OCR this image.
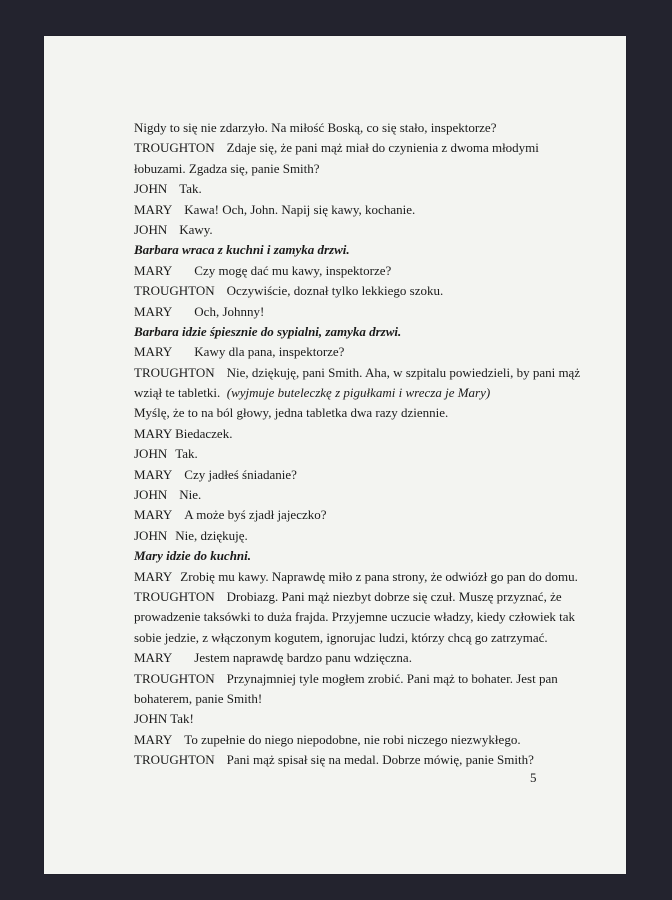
Nigdy to się nie zdarzyło. Na miłość Boską, co się stało, inspektorze?
TROUGHTON Zdaje się, że pani mąż miał do czynienia z dwoma młodymi
łobuzami. Zgadza się, panie Smith?
JOHN Tak.
MARY Kawa! Och, John. Napij się kawy, kochanie.
JOHN Kawy.
Barbara wraca z kuchni i zamyka drzwi.
MARY Czy mogę dać mu kawy, inspektorze?
TROUGHTON Oczywiście, doznał tylko lekkiego szoku.
MARY Och, Johnny!
Barbara idzie śpiesznie do sypialni, zamyka drzwi.
MARY Kawy dla pana, inspektorze?
TROUGHTON Nie, dziękuję, pani Smith. Aha, w szpitalu powiedzieli, by pani mąż
wziął te tabletki. (wyjmuje buteleczkę z pigułkami i wrecza je Mary)
Myślę, że to na ból głowy, jedna tabletka dwa razy dziennie.
MARY Biedaczek.
JOHN Tak.
MARY Czy jadłeś śniadanie?
JOHN Nie.
MARY A może byś zjadł jajeczko?
JOHN Nie, dziękuję.
Mary idzie do kuchni.
MARY Zrobię mu kawy. Naprawdę miło z pana strony, że odwiózł go pan do domu.
TROUGHTON Drobiazg. Pani mąż niezbyt dobrze się czuł. Muszę przyznać, że
prowadzenie taksówki to duża frajda. Przyjemne uczucie władzy, kiedy człowiek tak
sobie jedzie, z włączonym kogutem, ignorujac ludzi, którzy chcą go zatrzymać.
MARY Jestem naprawdę bardzo panu wdzięczna.
TROUGHTON Przynajmniej tyle mogłem zrobić. Pani mąż to bohater. Jest pan
bohaterem, panie Smith!
JOHN Tak!
MARY To zupełnie do niego niepodobne, nie robi niczego niezwykłego.
TROUGHTON Pani mąż spisał się na medal. Dobrze mówię, panie Smith?
5
